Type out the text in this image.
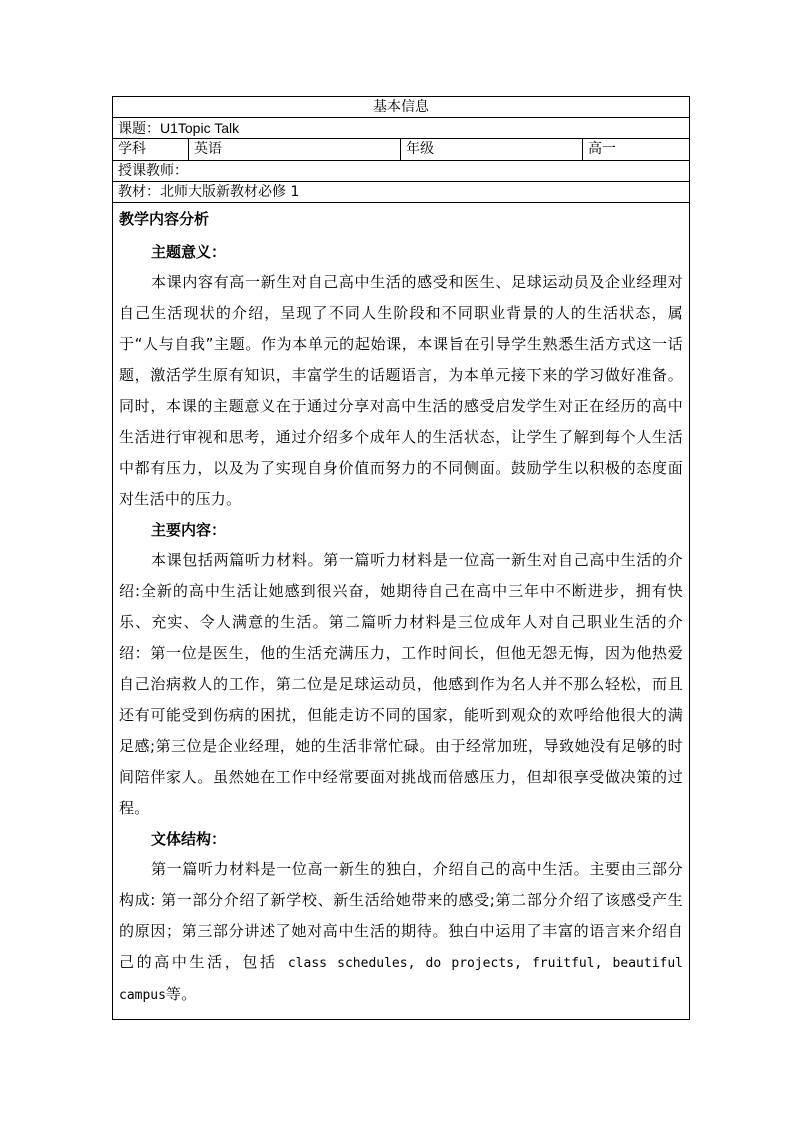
基本信息
课题：U1Topic Talk
学科	英语	年级	高一
授课教师：
教材：北师大版新教材必修 1
教学内容分析
主题意义：

本课内容有高一新生对自己高中生活的感受和医生、足球运动员及企业经理对自己生活现状的介绍，呈现了不同人生阶段和不同职业背景的人的生活状态，属于“人与自我”主题。作为本单元的起始课，本课旨在引导学生熟悉生活方式这一话题，激活学生原有知识，丰富学生的话题语言，为本单元接下来的学习做好准备。同时，本课的主题意义在于通过分享对高中生活的感受启发学生对正在经历的高中生活进行审视和思考，通过介绍多个成年人的生活状态，让学生了解到每个人生活中都有压力，以及为了实现自身价值而努力的不同侧面。鼓励学生以积极的态度面对生活中的压力。

主要内容：

本课包括两篇听力材料。第一篇听力材料是一位高一新生对自己高中生活的介绍:全新的高中生活让她感到很兴奋，她期待自己在高中三年中不断进步，拥有快乐、充实、令人满意的生活。第二篇听力材料是三位成年人对自己职业生活的介绍：第一位是医生，他的生活充满压力，工作时间长，但他无怨无悔，因为他热爱自己治病救人的工作，第二位是足球运动员，他感到作为名人并不那么轻松，而且还有可能受到伤病的困扰，但能走访不同的国家，能听到观众的欢呼给他很大的满足感;第三位是企业经理，她的生活非常忙碌。由于经常加班，导致她没有足够的时间陪伴家人。虽然她在工作中经常要面对挑战而倍感压力，但却很享受做决策的过程。

文体结构：

第一篇听力材料是一位高一新生的独白，介绍自己的高中生活。主要由三部分构成: 第一部分介绍了新学校、新生活给她带来的感受;第二部分介绍了该感受产生的原因；第三部分讲述了她对高中生活的期待。独白中运用了丰富的语言来介绍自己的高中生活，包括 class schedules, do projects, fruitful, beautiful campus等。
